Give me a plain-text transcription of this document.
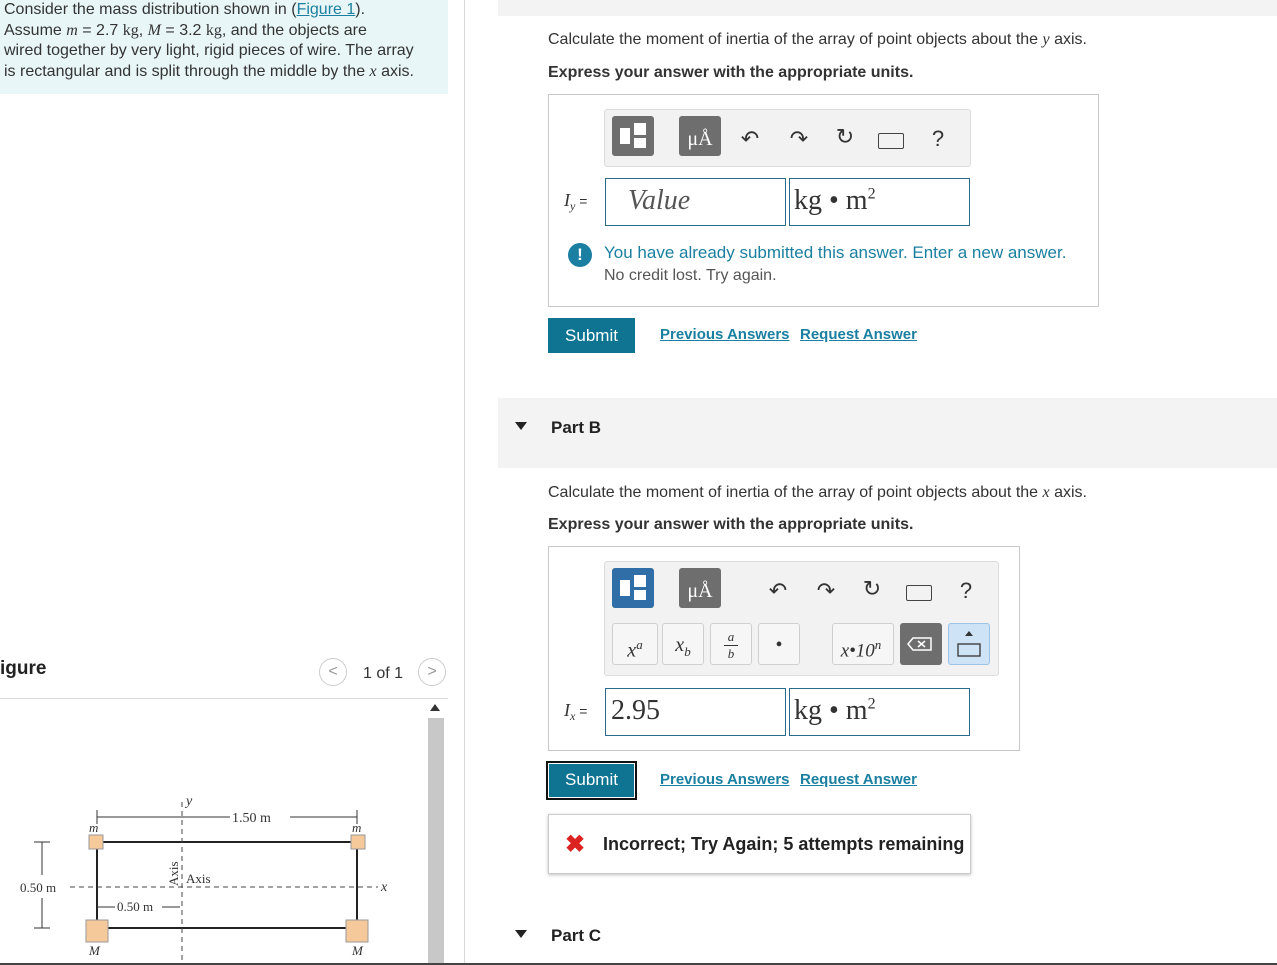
Consider the mass distribution shown in (Figure 1).
Assume m = 2.7 kg, M = 3.2 kg, and the objects are
wired together by very light, rigid pieces of wire. The array
is rectangular and is split through the middle by the x axis.
igure	<	1 of 1	>
y
x
1.50 m
0.50 m
0.50 m
Axis
Axis
m	m
M	M
Calculate the moment of inertia of the array of point objects about the y axis.
Express your answer with the appropriate units.
μÅ	↶ ↷ ↻	?
$I_y$ =	Value	kg • $m^2$
!	You have already submitted this answer. Enter a new answer.
No credit lost. Try again.
Submit	Previous Answers Request Answer
Part B
Calculate the moment of inertia of the array of point objects about the x axis.
Express your answer with the appropriate units.
μÅ	↶ ↷ ↻	?
$x^a$	$x_b$
a
b	•	x•10$^n$
$I_x = 2.95$	kg • $m^2$
Submit	Previous Answers Request Answer
✖ Incorrect; Try Again; 5 attempts remaining
Part C
